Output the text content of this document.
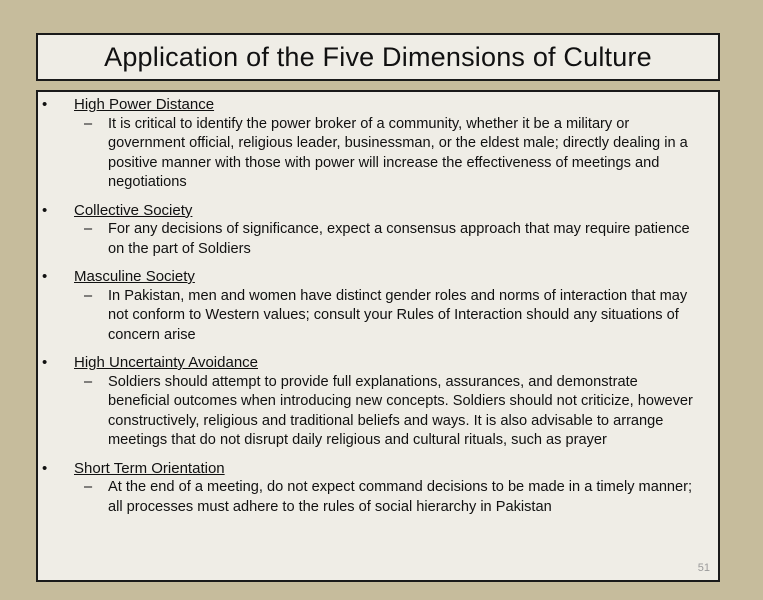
Application of the Five Dimensions of Culture
• High Power Distance
– It is critical to identify the power broker of a community, whether it be a military or government official, religious leader, businessman, or the eldest male; directly dealing in a positive manner with those with power will increase the effectiveness of meetings and negotiations
• Collective Society
– For any decisions of significance, expect a consensus approach that may require patience on the part of Soldiers
• Masculine Society
– In Pakistan, men and women have distinct gender roles and norms of interaction that may not conform to Western values; consult your Rules of Interaction should any situations of concern arise
• High Uncertainty Avoidance
– Soldiers should attempt to provide full explanations, assurances, and demonstrate beneficial outcomes when introducing new concepts. Soldiers should not criticize, however constructively, religious and traditional beliefs and ways. It is also advisable to arrange meetings that do not disrupt daily religious and cultural rituals, such as prayer
• Short Term Orientation
– At the end of a meeting, do not expect command decisions to be made in a timely manner; all processes must adhere to the rules of social hierarchy in Pakistan
51
